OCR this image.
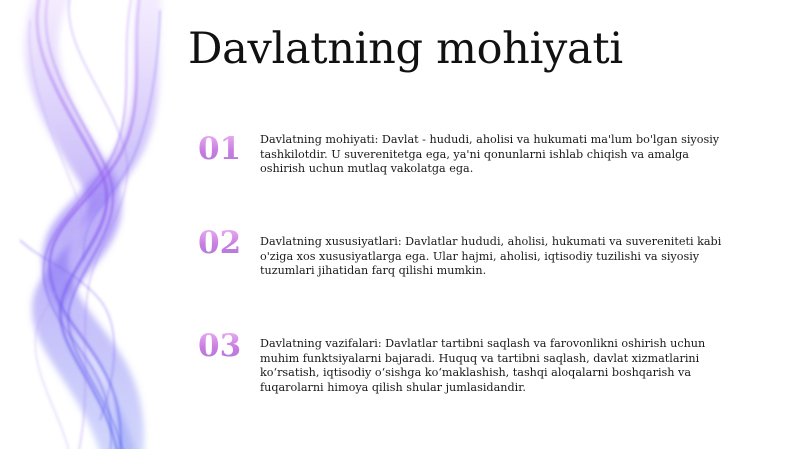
Davlatning mohiyati
01	Davlatning mohiyati: Davlat - hududi, aholisi va hukumati ma'lum bo'lgan siyosiy tashkilotdir. U suverenitetga ega, ya'ni qonunlarni ishlab chiqish va amalga oshirish uchun mutlaq vakolatga ega.
02	Davlatning xususiyatlari: Davlatlar hududi, aholisi, hukumati va suvereniteti kabi o'ziga xos xususiyatlarga ega. Ular hajmi, aholisi, iqtisodiy tuzilishi va siyosiy tuzumlari jihatidan farq qilishi mumkin.
03	Davlatning vazifalari: Davlatlar tartibni saqlash va farovonlikni oshirish uchun muhim funktsiyalarni bajaradi. Huquq va tartibni saqlash, davlat xizmatlarini ko‘rsatish, iqtisodiy o‘sishga ko‘maklashish, tashqi aloqalarni boshqarish va fuqarolarni himoya qilish shular jumlasidandir.
